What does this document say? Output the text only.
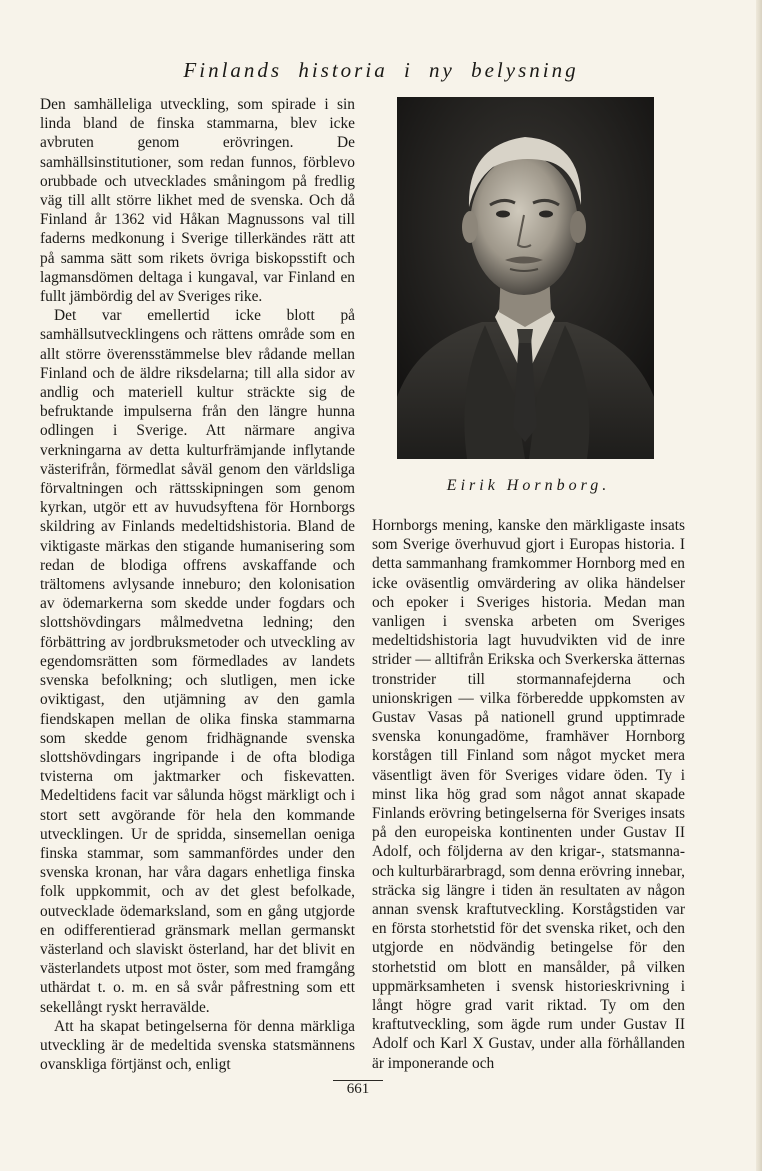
Finlands historia i ny belysning

Den samhälleliga utveckling, som spirade i sin linda bland de finska stammarna, blev icke avbruten genom erövringen. De samhällsinstitutioner, som redan funnos, förblevo orubbade och utvecklades småningom på fredlig väg till allt större likhet med de svenska. Och då Finland år 1362 vid Håkan Magnussons val till faderns medkonung i Sverige tillerkändes rätt att på samma sätt som rikets övriga biskopsstift och lagmansdömen deltaga i kungaval, var Finland en fullt jämbördig del av Sveriges rike.

Det var emellertid icke blott på samhällsutvecklingens och rättens område som en allt större överensstämmelse blev rådande mellan Finland och de äldre riksdelarna; till alla sidor av andlig och materiell kultur sträckte sig de befruktande impulserna från den längre hunna odlingen i Sverige. Att närmare angiva verkningarna av detta kulturfrämjande inflytande västerifrån, förmedlat såväl genom den världsliga förvaltningen och rättsskipningen som genom kyrkan, utgör ett av huvudsyftena för Hornborgs skildring av Finlands medeltidshistoria. Bland de viktigaste märkas den stigande humanisering som redan de blodiga offrens avskaffande och trältomens avlysande inneburo; den kolonisation av ödemarkerna som skedde under fogdars och slottshövdingars målmedvetna ledning; den förbättring av jordbruksmetoder och utveckling av egendomsrätten som förmedlades av landets svenska befolkning; och slutligen, men icke oviktigast, den utjämning av den gamla fiendskapen mellan de olika finska stammarna som skedde genom fridhägnande svenska slottshövdingars ingripande i de ofta blodiga tvisterna om jaktmarker och fiskevatten. Medeltidens facit var sålunda högst märkligt och i stort sett avgörande för hela den kommande utvecklingen. Ur de spridda, sinsemellan oeniga finska stammar, som sammanfördes under den svenska kronan, har våra dagars enhetliga finska folk uppkommit, och av det glest befolkade, outvecklade ödemarksland, som en gång utgjorde en odifferentierad gränsmark mellan germanskt västerland och slaviskt österland, har det blivit en västerlandets utpost mot öster, som med framgång uthärdat t. o. m. en så svår påfrestning som ett sekellångt ryskt herravälde.

Att ha skapat betingelserna för denna märkliga utveckling är de medeltida svenska statsmännens ovanskliga förtjänst och, enligt

Eirik Hornborg.

Hornborgs mening, kanske den märkligaste insats som Sverige överhuvud gjort i Europas historia. I detta sammanhang framkommer Hornborg med en icke oväsentlig omvärdering av olika händelser och epoker i Sveriges historia. Medan man vanligen i svenska arbeten om Sveriges medeltidshistoria lagt huvudvikten vid de inre strider — alltifrån Erikska och Sverkerska ätternas tronstrider till stormannafejderna och unionskrigen — vilka förberedde uppkomsten av Gustav Vasas på nationell grund upptimrade svenska konungadöme, framhäver Hornborg korstågen till Finland som något mycket mera väsentligt även för Sveriges vidare öden. Ty i minst lika hög grad som något annat skapade Finlands erövring betingelserna för Sveriges insats på den europeiska kontinenten under Gustav II Adolf, och följderna av den krigar-, statsmanna- och kulturbärarbragd, som denna erövring innebar, sträcka sig längre i tiden än resultaten av någon annan svensk kraftutveckling. Korstågstiden var en första storhetstid för det svenska riket, och den utgjorde en nödvändig betingelse för den storhetstid om blott en mansålder, på vilken uppmärksamheten i svensk historieskrivning i långt högre grad varit riktad. Ty om den kraftutveckling, som ägde rum under Gustav II Adolf och Karl X Gustav, under alla förhållanden är imponerande och

661
